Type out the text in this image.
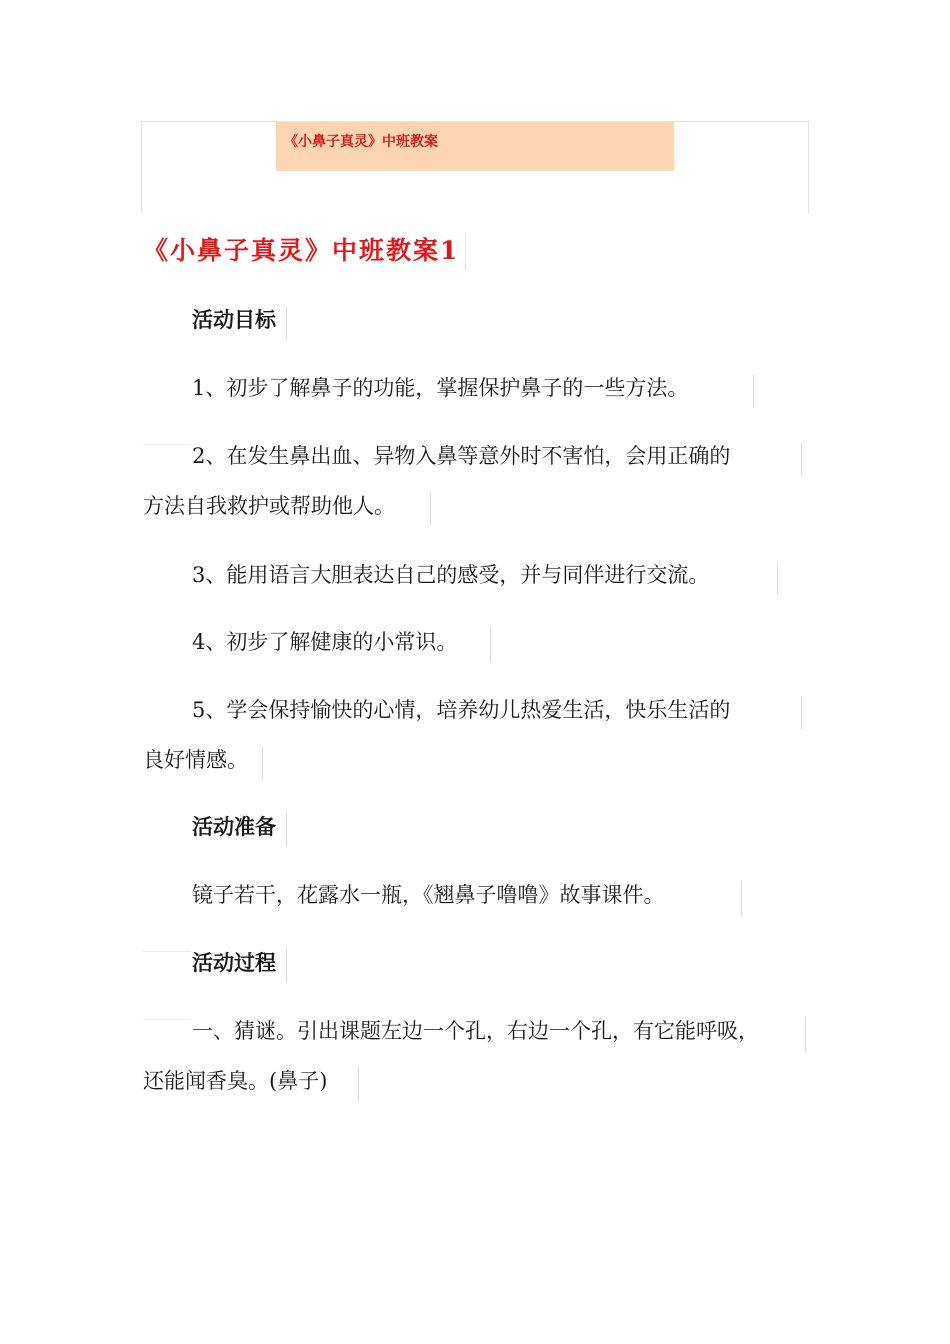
《小鼻子真灵》中班教案
《小鼻子真灵》中班教案1
活动目标
1、初步了解鼻子的功能，掌握保护鼻子的一些方法。
2、在发生鼻出血、异物入鼻等意外时不害怕，会用正确的
方法自我救护或帮助他人。
3、能用语言大胆表达自己的感受，并与同伴进行交流。
4、初步了解健康的小常识。
5、学会保持愉快的心情，培养幼儿热爱生活，快乐生活的
良好情感。
活动准备
镜子若干，花露水一瓶，《翘鼻子噜噜》故事课件。
活动过程
一、猜谜。引出课题左边一个孔，右边一个孔，有它能呼吸，
还能闻香臭。(鼻子)
